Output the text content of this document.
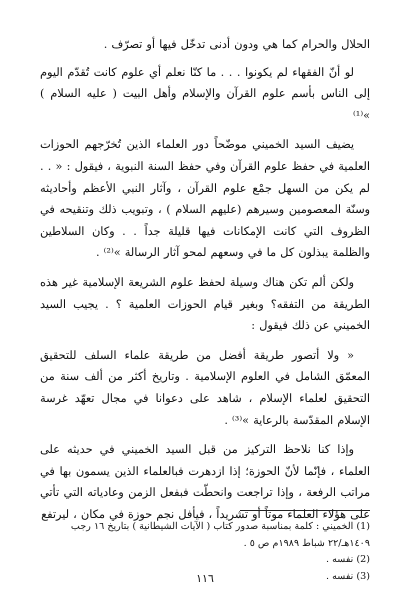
الحلال والحرام كما هي ودون أدنى تدخّل فيها أو تصرّف .

لو أنّ الفقهاء لم يكونوا . . . ما كنّا نعلم أي علوم كانت تُقدّم اليوم إلى الناس بأسم علوم القرآن والإسلام وأهل البيت ( عليه السلام ) »⁽¹⁾

يضيف السيد الخميني موضّحاً دور العلماء الذين تُخرّجهم الحوزات العلمية في حفظ علوم القرآن وفي حفظ السنة النبوية ، فيقول : « . . لم يكن من السهل جمْع علوم القرآن ، وآثار النبي الأعظم وأحاديثه وسنّة المعصومين وسيرهم (عليهم السلام ) ، وتبويب ذلك وتنقيحه في الظروف التي كانت الإمكانات فيها قليلة جداً . . وكان السلاطين والظلمة يبذلون كل ما في وسعهم لمحو آثار الرسالة »⁽²⁾ .

ولكن ألم تكن هناك وسيلة لحفظ علوم الشريعة الإسلامية غير هذه الطريقة من التفقه؟ وبغير قيام الحوزات العلمية ؟ . يجيب السيد الخميني عن ذلك فيقول :

« ولا أتصور طريقة أفضل من طريقة علماء السلف للتحقيق المعمّق الشامل في العلوم الإسلامية . وتاريخ أكثر من ألف سنة من التحقيق لعلماء الإسلام ، شاهد على دعوانا في مجال تعهّد غرسة الإسلام المقدّسة بالرعاية »⁽³⁾ .

وإذا كنا نلاحظ التركيز من قبل السيد الخميني في حديثه على العلماء ، فإنّما لأنّ الحوزة؛ إذا ازدهرت فبالعلماء الذين يسمون بها في مراتب الرفعة ، وإذا تراجعت وانحطّت فبفعل الزمن وعادياته التي تأتي على هؤلاء العلماء موتاً أو تشريداً ، فيأفل نجم حوزة في مكان ، ليرتفع

(1) الخميني : كلمة بمناسبة صدور كتاب ( الآيات الشيطانية ) بتاريخ ١٦ رجب ١٤٠٩هـ/٢٢ شباط ١٩٨٩م ص ٥ .

(2) نفسه .

(3) نفسه .

١١٦
